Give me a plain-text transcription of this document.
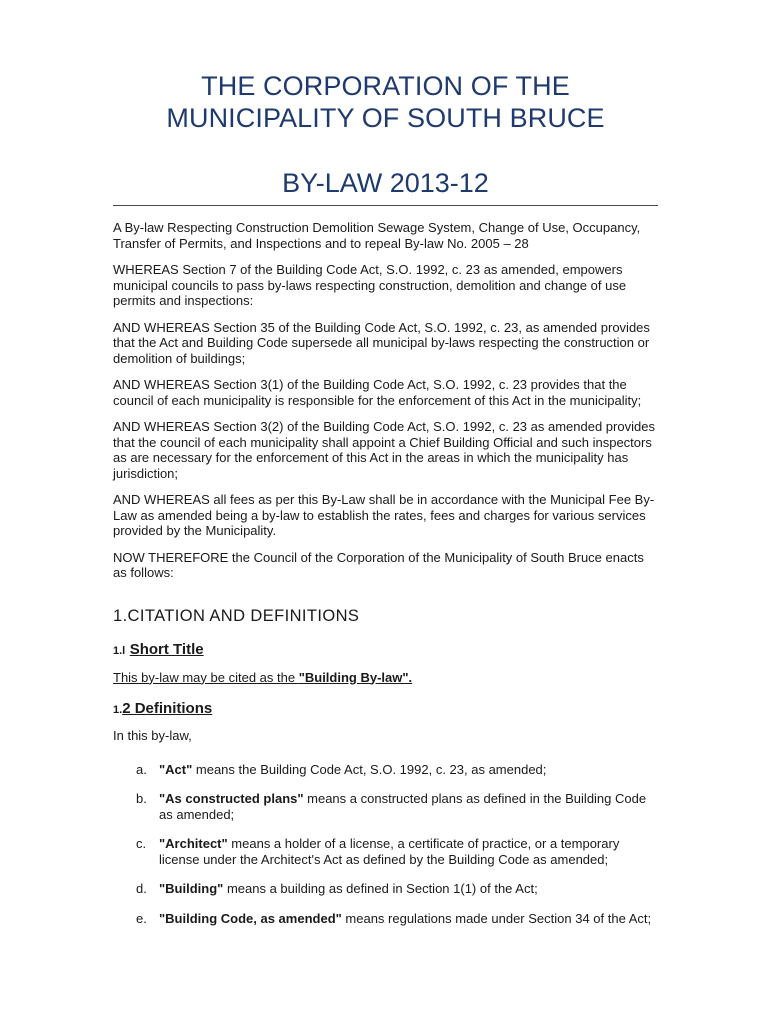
THE CORPORATION OF THE
MUNICIPALITY OF SOUTH BRUCE
BY-LAW 2013-12

A By-law Respecting Construction Demolition Sewage System, Change of Use, Occupancy, Transfer of Permits, and Inspections and to repeal By-law No. 2005 – 28

WHEREAS Section 7 of the Building Code Act, S.O. 1992, c. 23 as amended, empowers municipal councils to pass by-laws respecting construction, demolition and change of use permits and inspections:

AND WHEREAS Section 35 of the Building Code Act, S.O. 1992, c. 23, as amended provides that the Act and Building Code supersede all municipal by-laws respecting the construction or demolition of buildings;

AND WHEREAS Section 3(1) of the Building Code Act, S.O. 1992, c. 23 provides that the council of each municipality is responsible for the enforcement of this Act in the municipality;

AND WHEREAS Section 3(2) of the Building Code Act, S.O. 1992, c. 23 as amended provides that the council of each municipality shall appoint a Chief Building Official and such inspectors as are necessary for the enforcement of this Act in the areas in which the municipality has jurisdiction;

AND WHEREAS all fees as per this By-Law shall be in accordance with the Municipal Fee By-Law as amended being a by-law to establish the rates, fees and charges for various services provided by the Municipality.

NOW THEREFORE the Council of the Corporation of the Municipality of South Bruce enacts as follows:

1.CITATION AND DEFINITIONS
1.l Short Title

This by-law may be cited as the "Building By-law".

1.2 Definitions

In this by-law,

a. "Act" means the Building Code Act, S.O. 1992, c. 23, as amended;
b. "As constructed plans" means a constructed plans as defined in the Building Code as amended;
c. "Architect" means a holder of a license, a certificate of practice, or a temporary license under the Architect's Act as defined by the Building Code as amended;
d. "Building" means a building as defined in Section 1(1) of the Act;
e. "Building Code, as amended" means regulations made under Section 34 of the Act;
